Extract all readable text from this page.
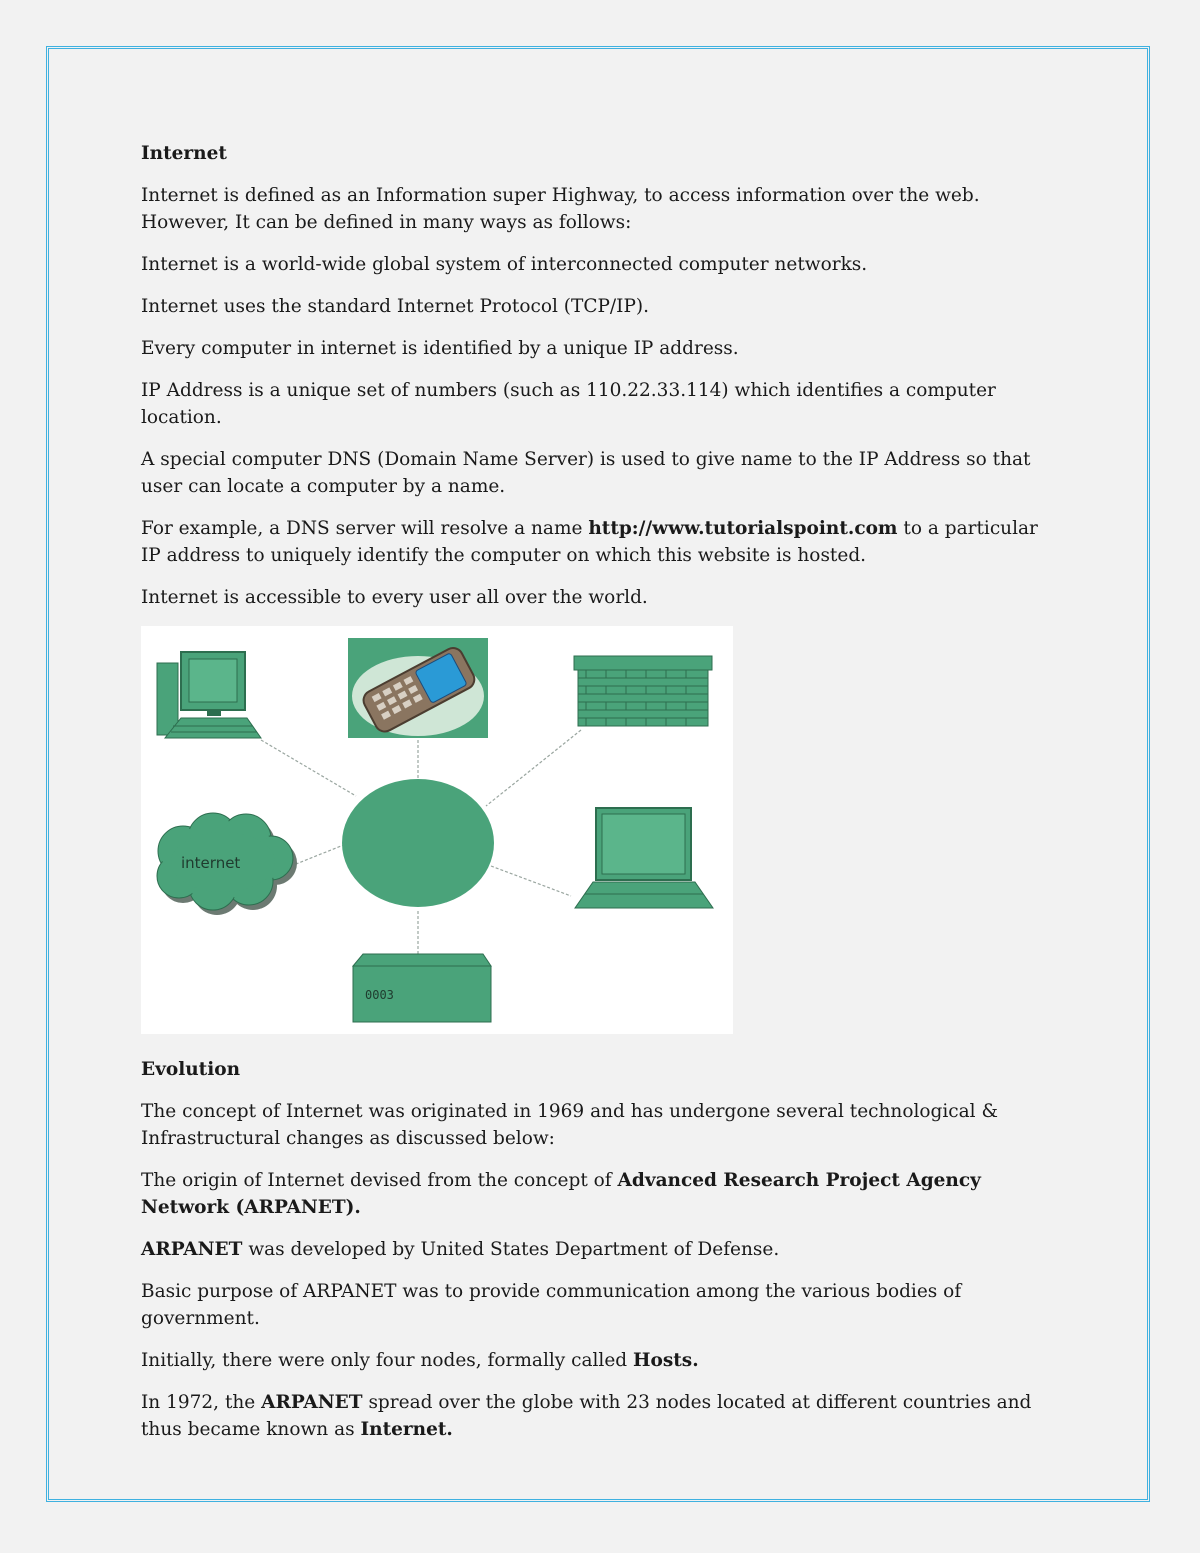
Internet

Internet is defined as an Information super Highway, to access information over the web. However, It can be defined in many ways as follows:

Internet is a world-wide global system of interconnected computer networks.

Internet uses the standard Internet Protocol (TCP/IP).

Every computer in internet is identified by a unique IP address.

IP Address is a unique set of numbers (such as 110.22.33.114) which identifies a computer location.

A special computer DNS (Domain Name Server) is used to give name to the IP Address so that user can locate a computer by a name.

For example, a DNS server will resolve a name http://www.tutorialspoint.com to a particular IP address to uniquely identify the computer on which this website is hosted.

Internet is accessible to every user all over the world.

internet
0003
Evolution

The concept of Internet was originated in 1969 and has undergone several technological & Infrastructural changes as discussed below:

The origin of Internet devised from the concept of Advanced Research Project Agency Network (ARPANET).

ARPANET was developed by United States Department of Defense.

Basic purpose of ARPANET was to provide communication among the various bodies of government.

Initially, there were only four nodes, formally called Hosts.

In 1972, the ARPANET spread over the globe with 23 nodes located at different countries and thus became known as Internet.
